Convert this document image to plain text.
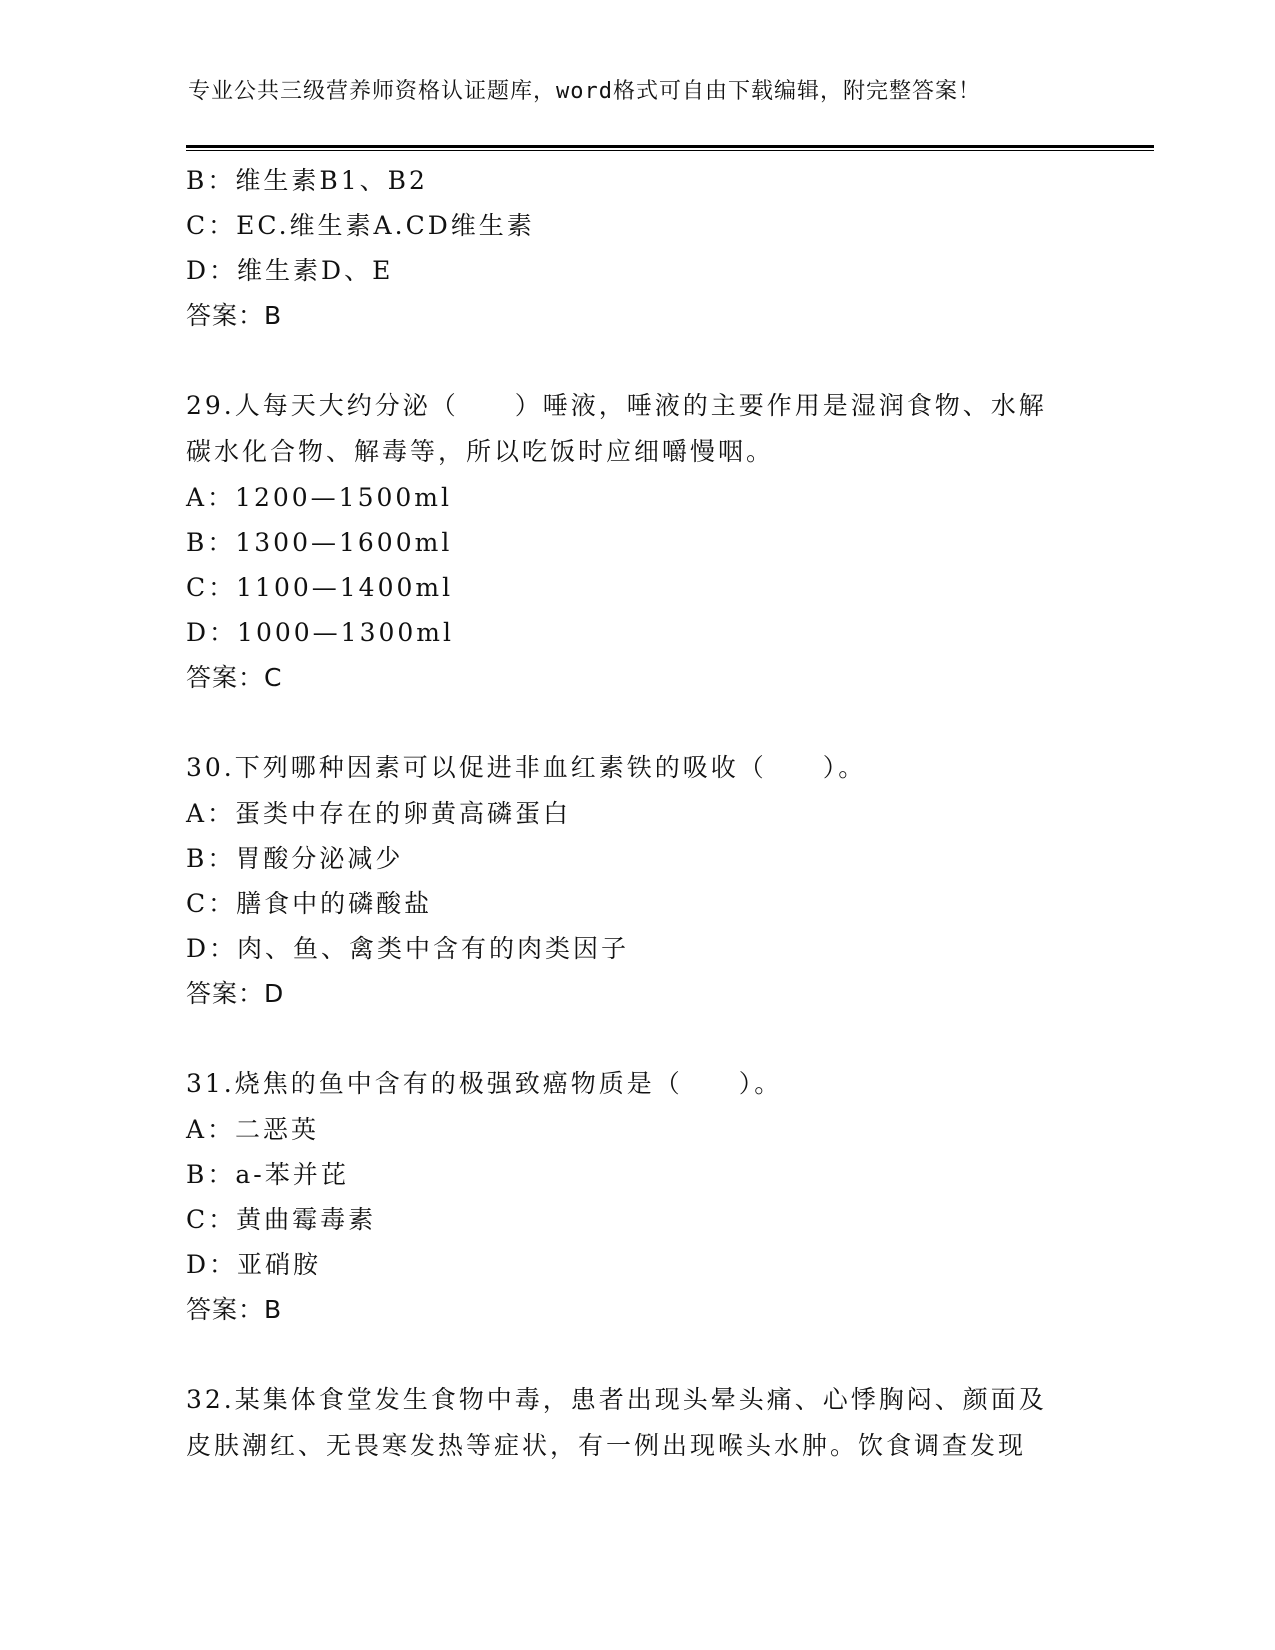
专业公共三级营养师资格认证题库，word格式可自由下载编辑，附完整答案！
B：维生素B1、B2
C：EC.维生素A.CD维生素
D：维生素D、E
答案：B
29.人每天大约分泌（　　）唾液，唾液的主要作用是湿润食物、水解
碳水化合物、解毒等，所以吃饭时应细嚼慢咽。
A：1200—1500ml
B：1300—1600ml
C：1100—1400ml
D：1000—1300ml
答案：C
30.下列哪种因素可以促进非血红素铁的吸收（　　）。
A：蛋类中存在的卵黄高磷蛋白
B：胃酸分泌减少
C：膳食中的磷酸盐
D：肉、鱼、禽类中含有的肉类因子
答案：D
31.烧焦的鱼中含有的极强致癌物质是（　　）。
A：二恶英
B：a-苯并芘
C：黄曲霉毒素
D：亚硝胺
答案：B
32.某集体食堂发生食物中毒，患者出现头晕头痛、心悸胸闷、颜面及
皮肤潮红、无畏寒发热等症状，有一例出现喉头水肿。饮食调查发现
